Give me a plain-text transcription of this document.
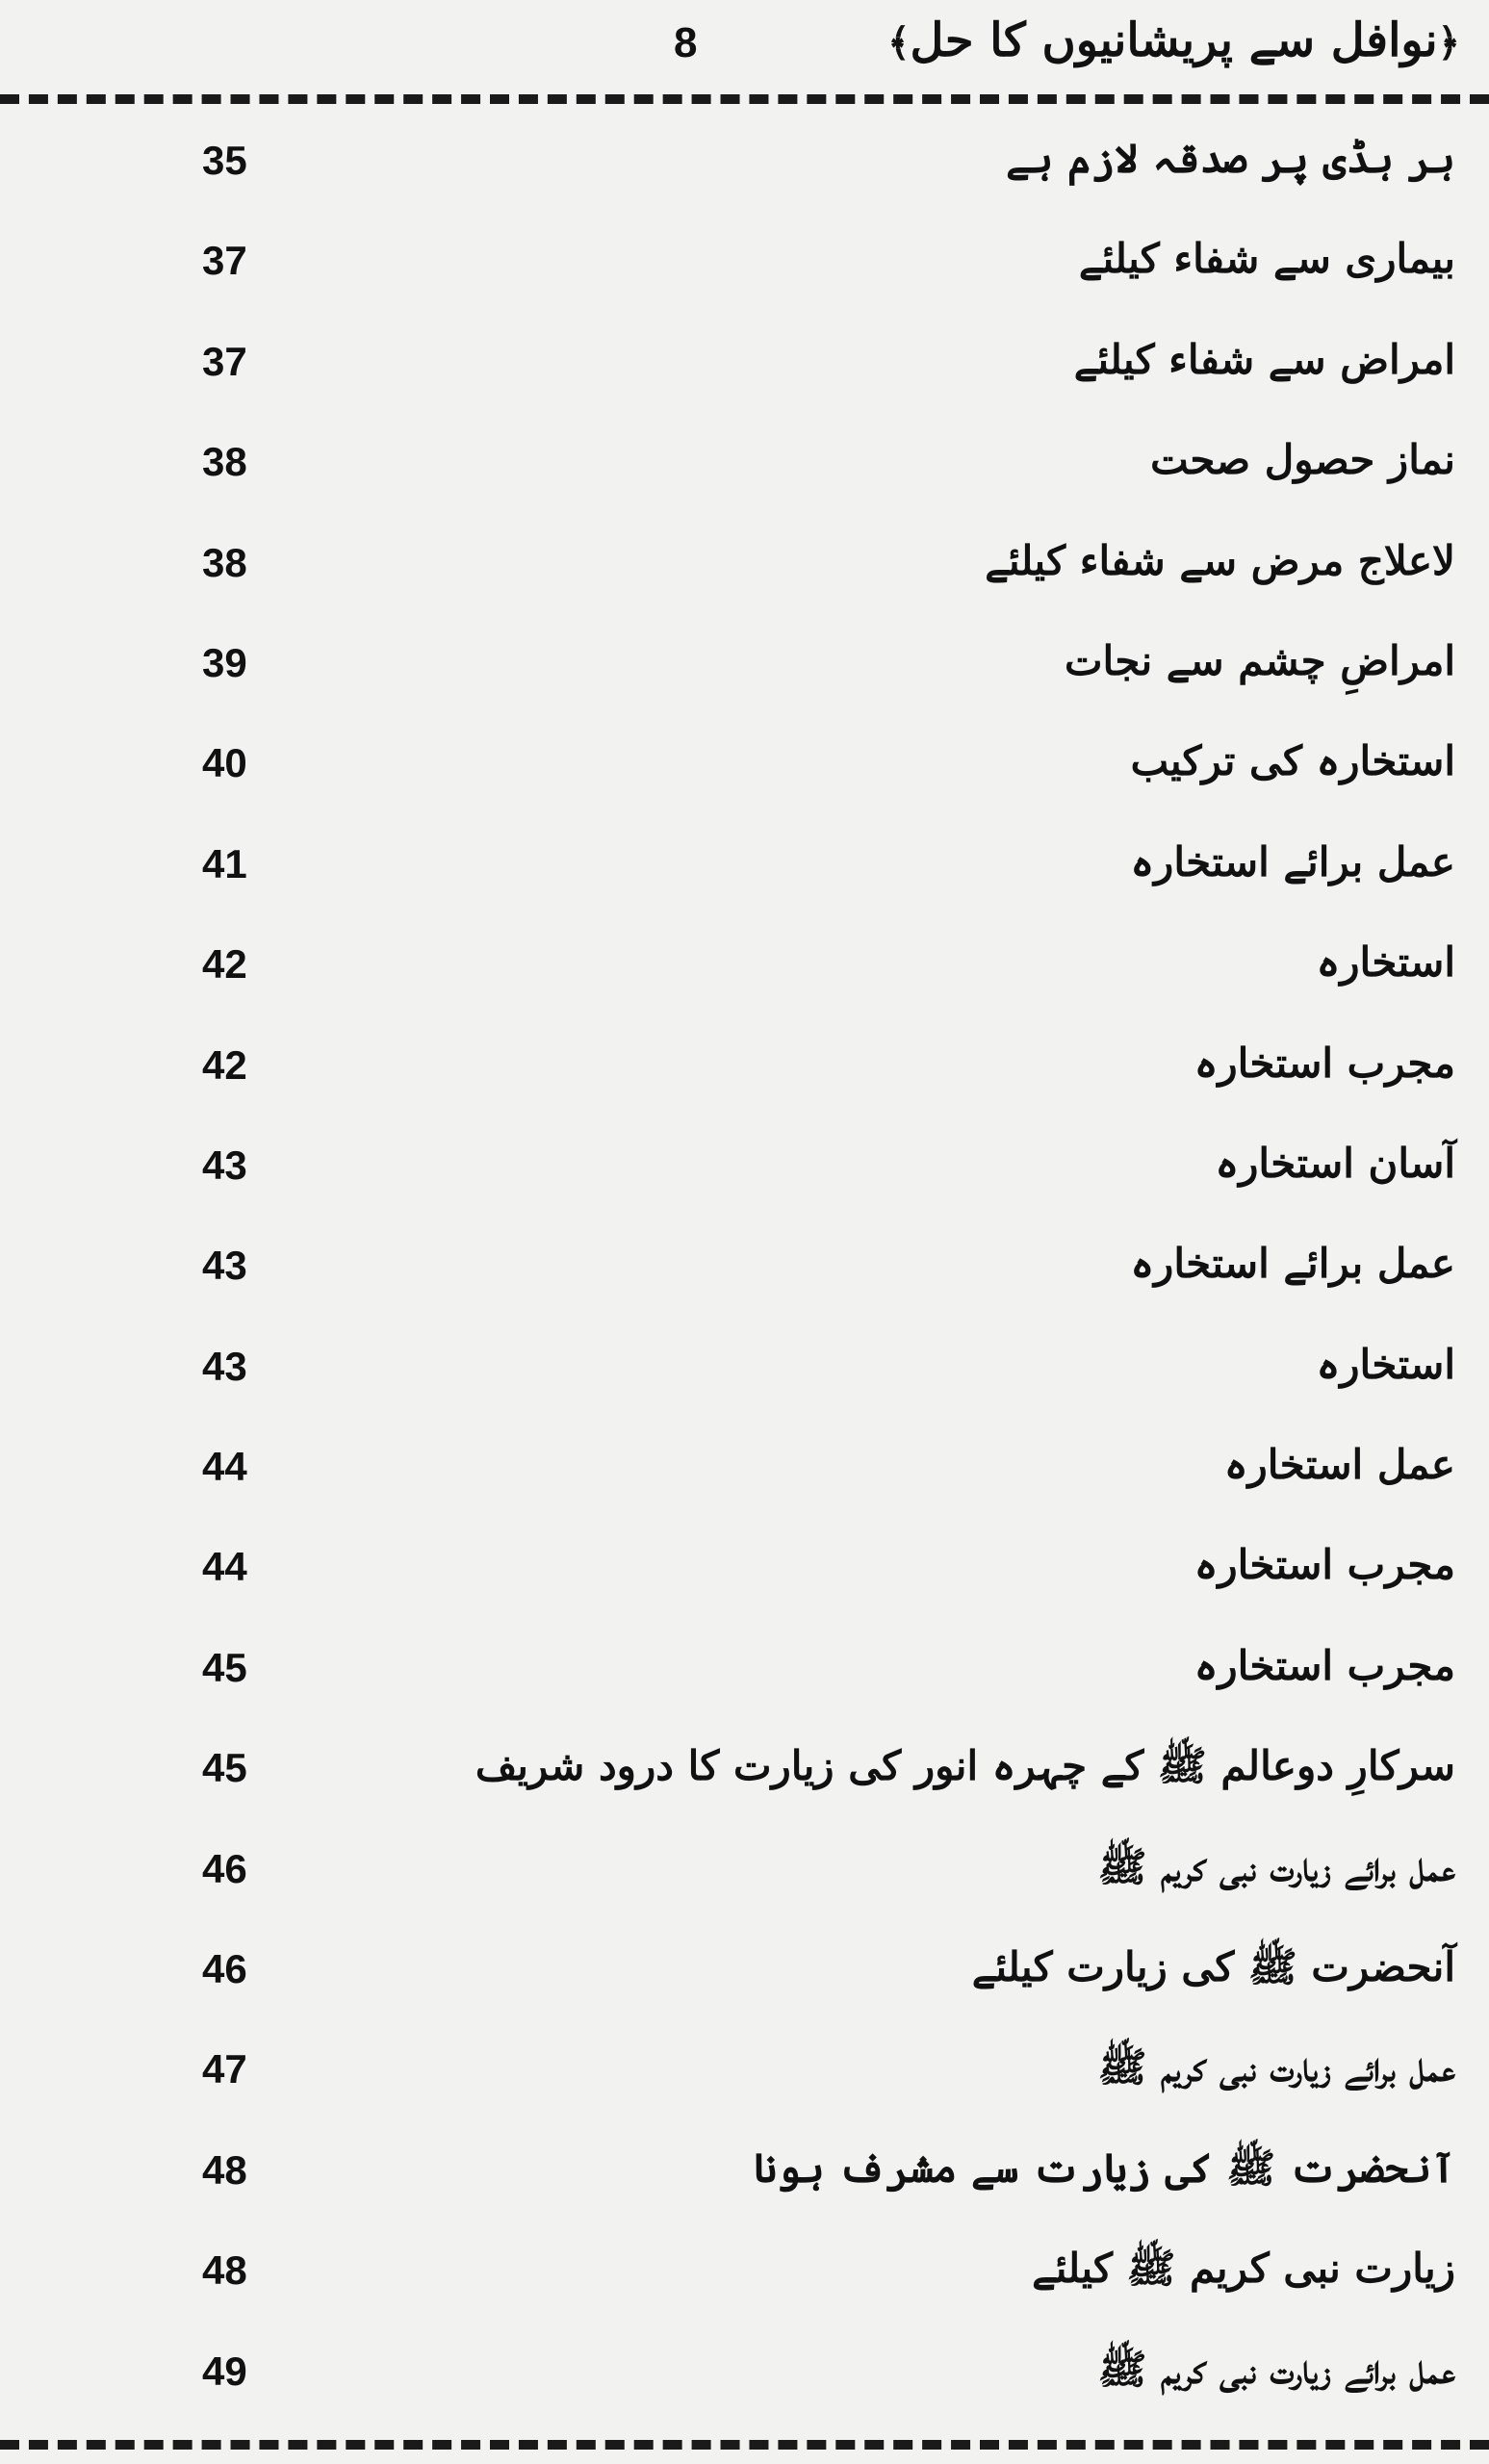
﴿نوافل سے پریشانیوں کا حل﴾
8
ہر ہڈی پر صدقہ لازم ہے
35
بیماری سے شفاء کیلئے
37
امراض سے شفاء کیلئے
37
نماز حصول صحت
38
لاعلاج مرض سے شفاء کیلئے
38
امراضِ چشم سے نجات
39
استخارہ کی ترکیب
40
عمل برائے استخارہ
41
استخارہ
42
مجرب استخارہ
42
آسان استخارہ
43
عمل برائے استخارہ
43
استخارہ
43
عمل استخارہ
44
مجرب استخارہ
44
مجرب استخارہ
45
سرکارِ دوعالم ﷺ کے چہرہ انور کی زیارت کا درود شریف
45
عمل برائے زیارت نبی کریم ﷺ
46
آنحضرت ﷺ کی زیارت کیلئے
46
عمل برائے زیارت نبی کریم ﷺ
47
آنحضرت ﷺ کی زیارت سے مشرف ہونا
48
زیارت نبی کریم ﷺ کیلئے
48
عمل برائے زیارت نبی کریم ﷺ
49
